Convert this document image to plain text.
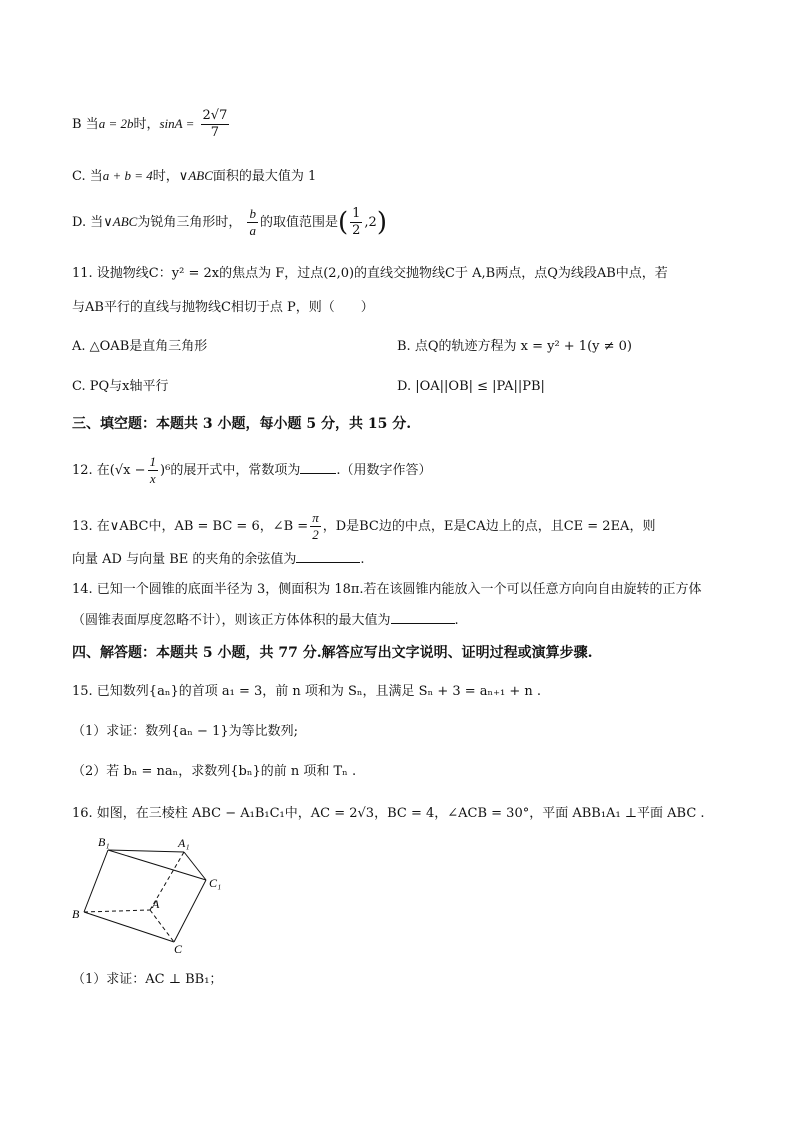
B 当a = 2b时，$\sin A = \frac{2√7}{7}$
C. 当a + b = 4时，∨ABC面积的最大值为 1
D. 当∨ABC为锐角三角形时， $\frac{b}{a}$ 的取值范围是( $\frac{1}{2} ,2$)
11. 设抛物线C：y² = 2x的焦点为 F，过点(2,0)的直线交抛物线C于 A,B两点，点Q为线段AB中点，若
与AB平行的直线与抛物线C相切于点 P，则（　　）
A. △OAB是直角三角形	B. 点Q的轨迹方程为 x = y² + 1(y ≠ 0)
C. PQ与x轴平行	D. |OA||OB| ≤ |PA||PB|
三、填空题：本题共 3 小题，每小题 5 分，共 15 分.
12. 在$(√x - \frac{1}{x} )^6$的展开式中，常数项为	.（用数字作答）
13. 在∨ABC中，AB = BC = 6，∠B = $\frac{\pi}{2}$ ，D是BC边的中点，E是CA边上的点，且CE = 2EA，则
向量 AD 与向量 BE 的夹角的余弦值为	.
14. 已知一个圆锥的底面半径为 3，侧面积为 18π.若在该圆锥内能放入一个可以任意方向向自由旋转的正方体
（圆锥表面厚度忽略不计），则该正方体体积的最大值为	.
四、解答题：本题共 5 小题，共 77 分.解答应写出文字说明、证明过程或演算步骤.
15. 已知数列{aₙ}的首项 a₁ = 3，前 n 项和为 Sₙ，且满足 Sₙ + 3 = aₙ₊₁ + n .
（1）求证：数列{aₙ − 1}为等比数列;
（2）若 bₙ = naₙ，求数列{bₙ}的前 n 项和 Tₙ .
16. 如图，在三棱柱 ABC − A₁B₁C₁中，AC = 2√3，BC = 4，∠ACB = 30°，平面 ABB₁A₁ ⊥平面 ABC .
B₁	A₁
C₁
B
A
C
（1）求证：AC ⊥ BB₁；
